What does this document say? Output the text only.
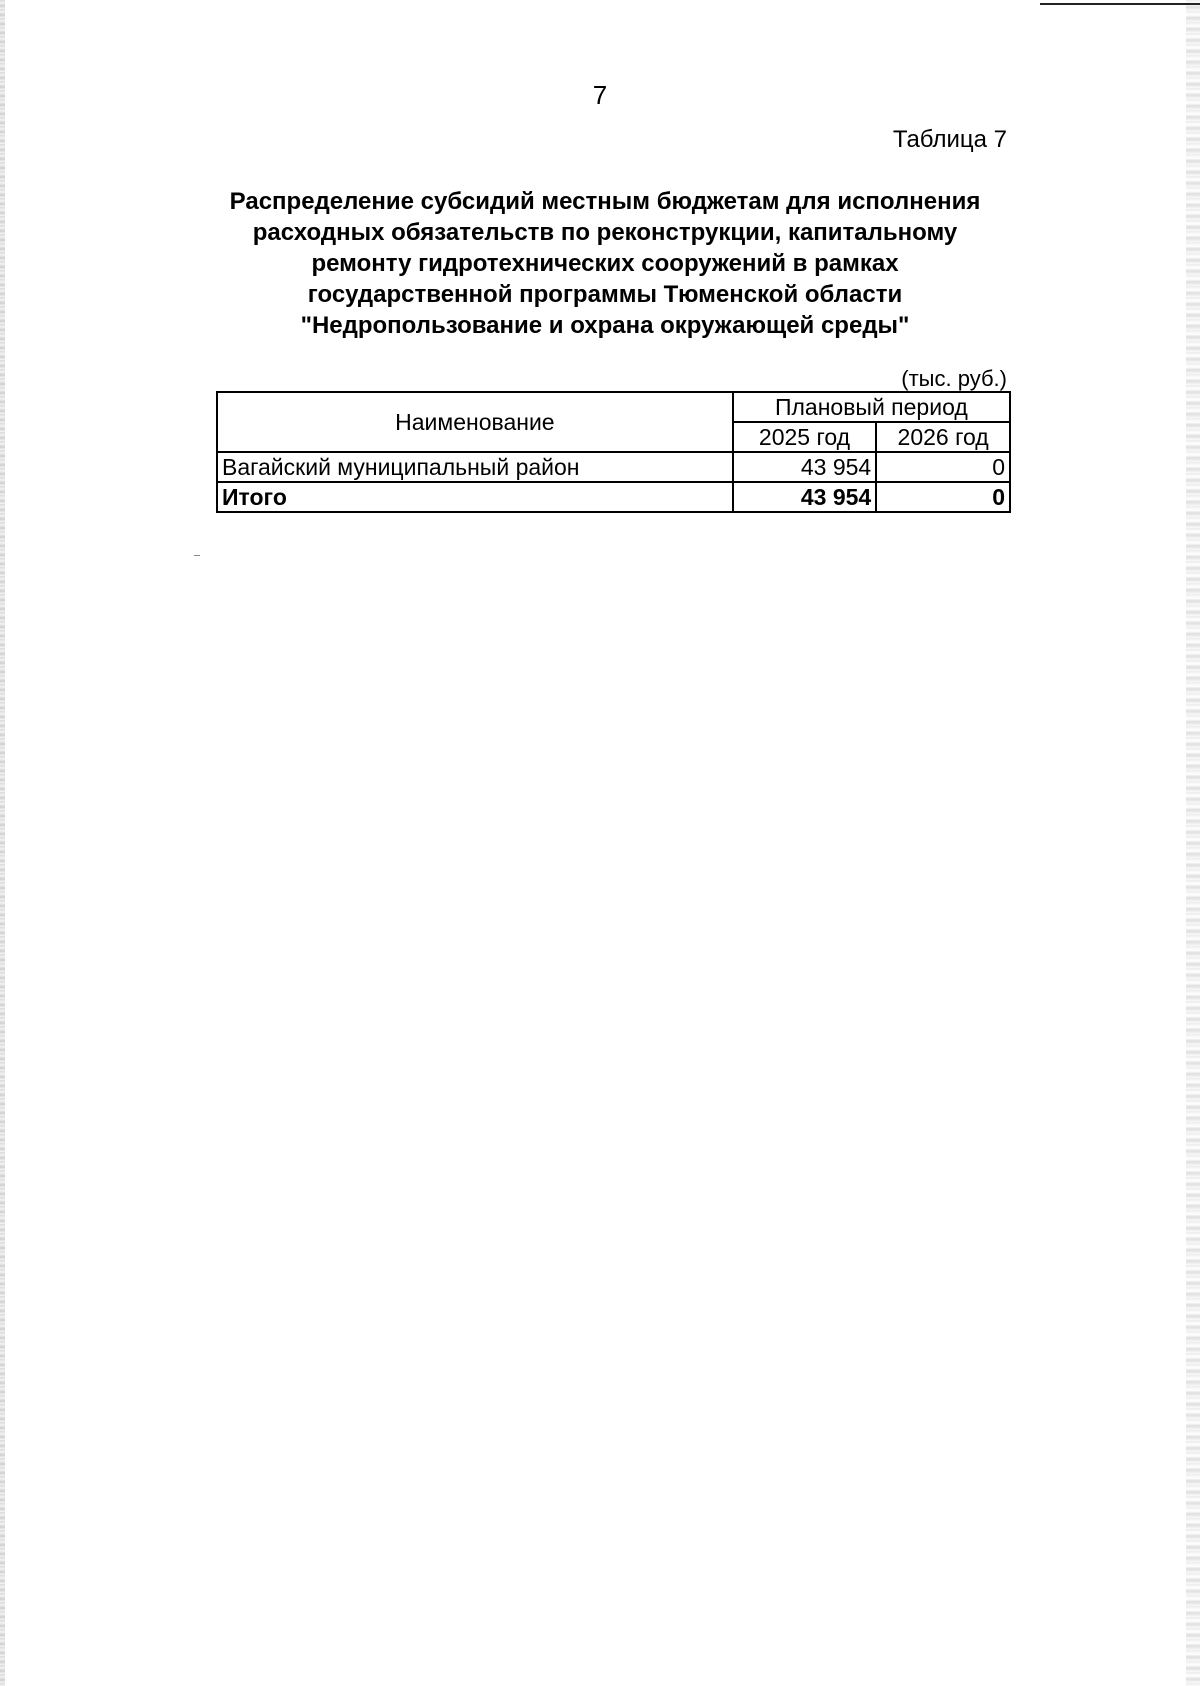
7
Таблица 7
Распределение субсидий местным бюджетам для исполнения
расходных обязательств по реконструкции, капитальному
ремонту гидротехнических сооружений в рамках
государственной программы Тюменской области
"Недропользование и охрана окружающей среды"
(тыс. руб.)
Наименование	Плановый период	
	2025 год	2026 год
Вагайский муниципальный район	43 954	0
Итого	43 954	0
